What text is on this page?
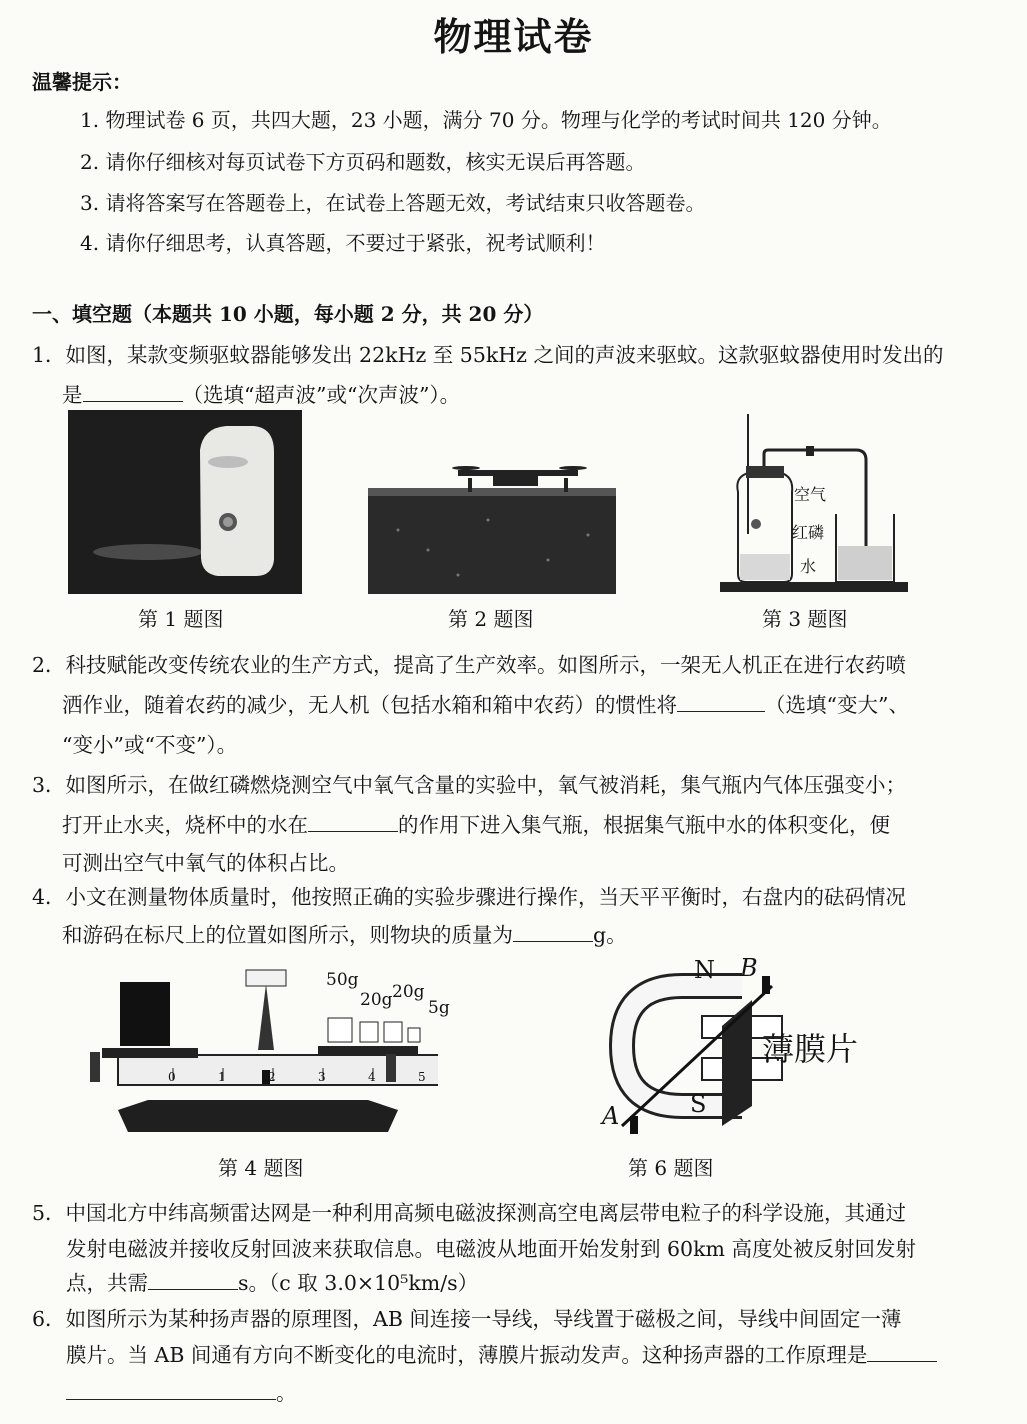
物理试卷
温馨提示：
1. 物理试卷 6 页，共四大题，23 小题，满分 70 分。物理与化学的考试时间共 120 分钟。
2. 请你仔细核对每页试卷下方页码和题数，核实无误后再答题。
3. 请将答案写在答题卷上，在试卷上答题无效，考试结束只收答题卷。
4. 请你仔细思考，认真答题，不要过于紧张，祝考试顺利！
一、填空题（本题共 10 小题，每小题 2 分，共 20 分）
1．如图，某款变频驱蚊器能够发出 22kHz 至 55kHz 之间的声波来驱蚊。这款驱蚊器使用时发出的
是	（选填“超声波”或“次声波”）。
第 1 题图	第 2 题图
空气
红磷
水
第 3 题图
2．科技赋能改变传统农业的生产方式，提高了生产效率。如图所示，一架无人机正在进行农药喷
洒作业，随着农药的减少，无人机（包括水箱和箱中农药）的惯性将	（选填“变大”、
“变小”或“不变”）。
3．如图所示，在做红磷燃烧测空气中氧气含量的实验中，氧气被消耗，集气瓶内气体压强变小；
打开止水夹，烧杯中的水在	的作用下进入集气瓶，根据集气瓶中水的体积变化，便
可测出空气中氧气的体积占比。
4．小文在测量物体质量时，他按照正确的实验步骤进行操作，当天平平衡时，右盘内的砝码情况
和游码在标尺上的位置如图所示，则物块的质量为	g。
50g
20g 20g
5g
0	1	2	3	4	5
第 4 题图
N B
S
A
薄膜片
第 6 题图
5．中国北方中纬高频雷达网是一种利用高频电磁波探测高空电离层带电粒子的科学设施，其通过
发射电磁波并接收反射回波来获取信息。电磁波从地面开始发射到 60km 高度处被反射回发射
点，共需	s。（c 取 3.0×10⁵km/s）
6．如图所示为某种扬声器的原理图，AB 间连接一导线，导线置于磁极之间，导线中间固定一薄
膜片。当 AB 间通有方向不断变化的电流时，薄膜片振动发声。这种扬声器的工作原理是
。
